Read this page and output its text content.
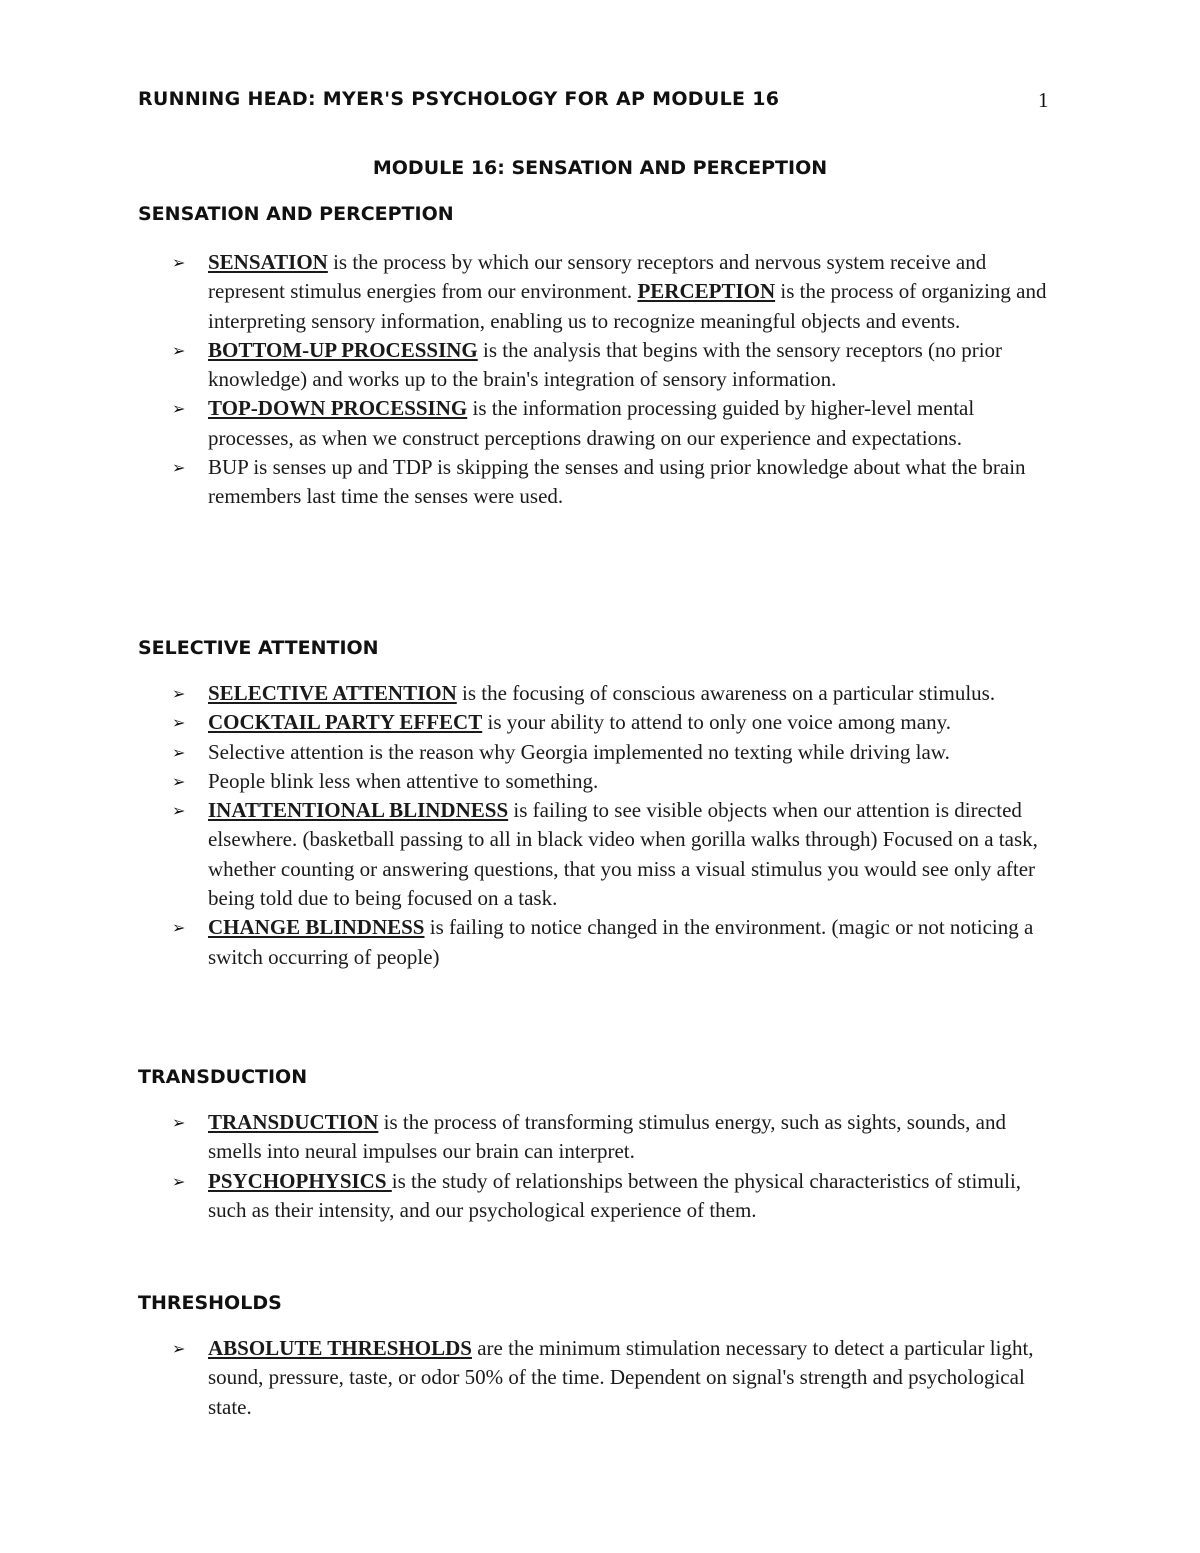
RUNNING HEAD: MYER'S PSYCHOLOGY FOR AP MODULE 16	1
MODULE 16: SENSATION AND PERCEPTION
SENSATION AND PERCEPTION
➢ SENSATION is the process by which our sensory receptors and nervous system receive and represent stimulus energies from our environment. PERCEPTION is the process of organizing and interpreting sensory information, enabling us to recognize meaningful objects and events.
➢ BOTTOM-UP PROCESSING is the analysis that begins with the sensory receptors (no prior knowledge) and works up to the brain's integration of sensory information.
➢ TOP-DOWN PROCESSING is the information processing guided by higher-level mental processes, as when we construct perceptions drawing on our experience and expectations.
➢ BUP is senses up and TDP is skipping the senses and using prior knowledge about what the brain remembers last time the senses were used.
SELECTIVE ATTENTION
➢ SELECTIVE ATTENTION is the focusing of conscious awareness on a particular stimulus.
➢ COCKTAIL PARTY EFFECT is your ability to attend to only one voice among many.
➢ Selective attention is the reason why Georgia implemented no texting while driving law.
➢ People blink less when attentive to something.
➢ INATTENTIONAL BLINDNESS is failing to see visible objects when our attention is directed elsewhere. (basketball passing to all in black video when gorilla walks through) Focused on a task, whether counting or answering questions, that you miss a visual stimulus you would see only after being told due to being focused on a task.
➢ CHANGE BLINDNESS is failing to notice changed in the environment. (magic or not noticing a switch occurring of people)
TRANSDUCTION
➢ TRANSDUCTION is the process of transforming stimulus energy, such as sights, sounds, and smells into neural impulses our brain can interpret.
➢ PSYCHOPHYSICS is the study of relationships between the physical characteristics of stimuli, such as their intensity, and our psychological experience of them.
THRESHOLDS
➢ ABSOLUTE THRESHOLDS are the minimum stimulation necessary to detect a particular light, sound, pressure, taste, or odor 50% of the time. Dependent on signal's strength and psychological state.
